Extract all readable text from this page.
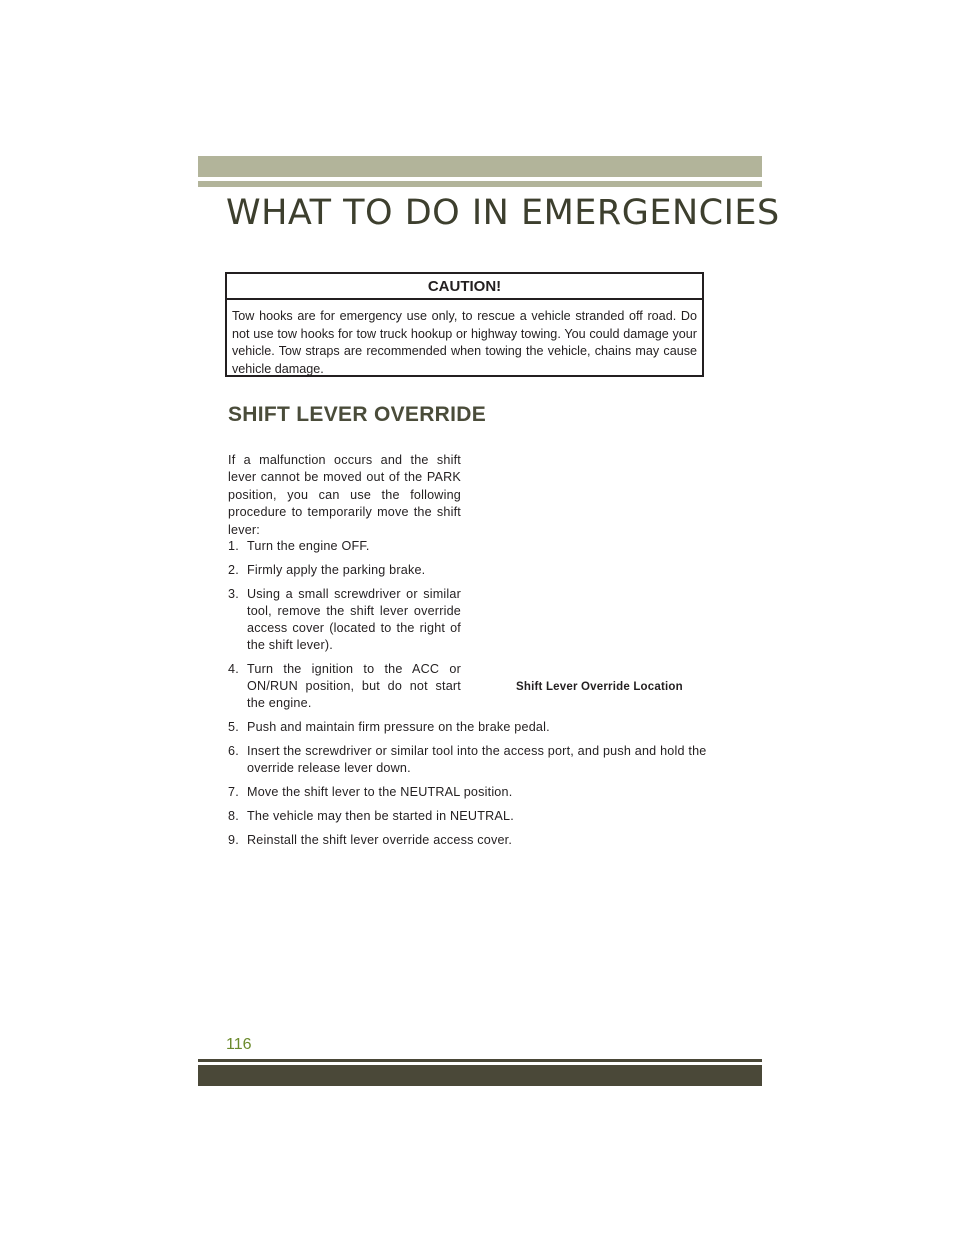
WHAT TO DO IN EMERGENCIES
CAUTION!

Tow hooks are for emergency use only, to rescue a vehicle stranded off road. Do not use tow hooks for tow truck hookup or highway towing. You could damage your vehicle. Tow straps are recommended when towing the vehicle, chains may cause vehicle damage.

SHIFT LEVER OVERRIDE

If a malfunction occurs and the shift lever cannot be moved out of the PARK position, you can use the following procedure to temporarily move the shift lever:

1. Turn the engine OFF.
2. Firmly apply the parking brake.
3. Using a small screwdriver or similar tool, remove the shift lever override access cover (located to the right of the shift lever).
4. Turn the ignition to the ACC or ON/RUN position, but do not start the engine.
5. Push and maintain firm pressure on the brake pedal.
6. Insert the screwdriver or similar tool into the access port, and push and hold the override release lever down.
7. Move the shift lever to the NEUTRAL position.
8. The vehicle may then be started in NEUTRAL.
9. Reinstall the shift lever override access cover.

Shift Lever Override Location

116
